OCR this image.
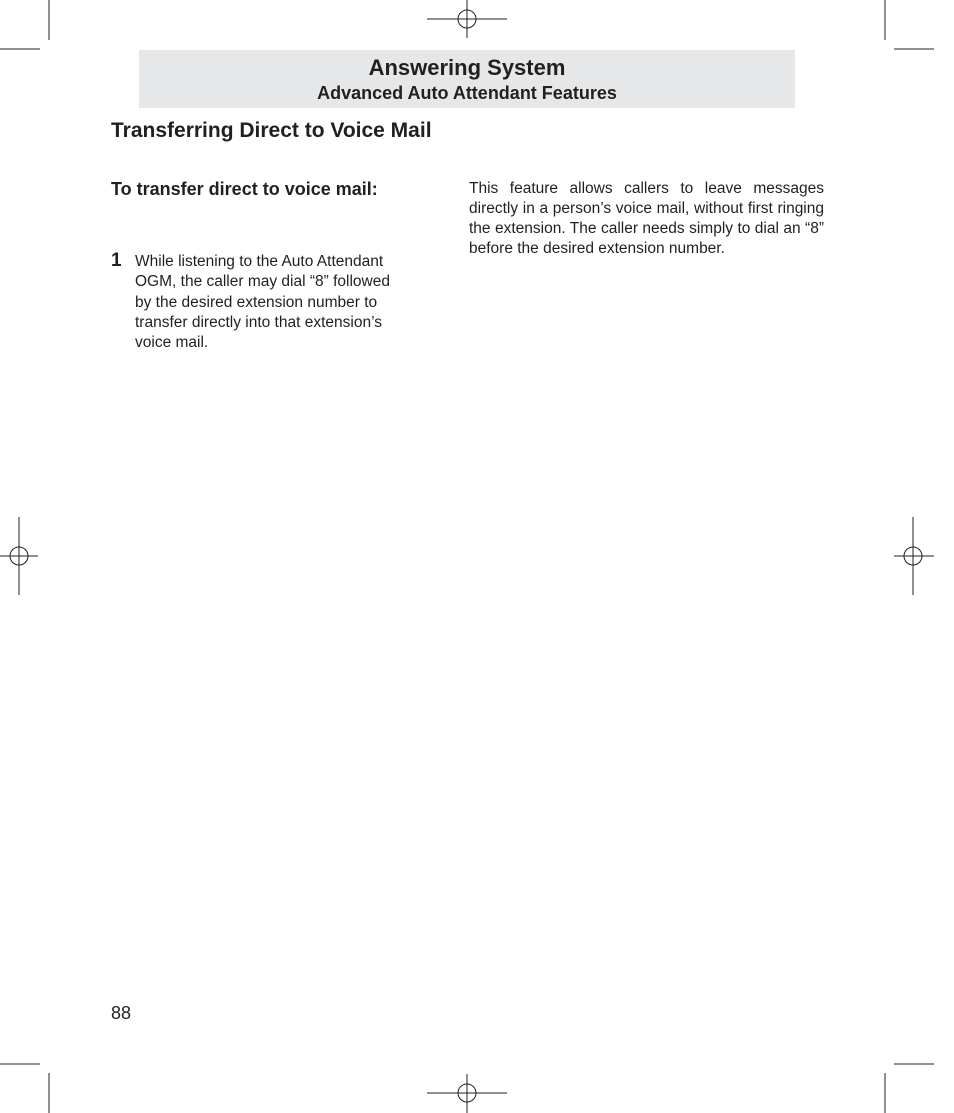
Answering System
Advanced Auto Attendant Features
Transferring Direct to Voice Mail
To transfer direct to voice mail:
1 While listening to the Auto Attendant OGM, the caller may dial “8” followed by the desired extension number to transfer directly into that extension’s voice mail.

This feature allows callers to leave messages directly in a person’s voice mail, without first ringing the extension. The caller needs simply to dial an “8” before the desired extension number.

88
